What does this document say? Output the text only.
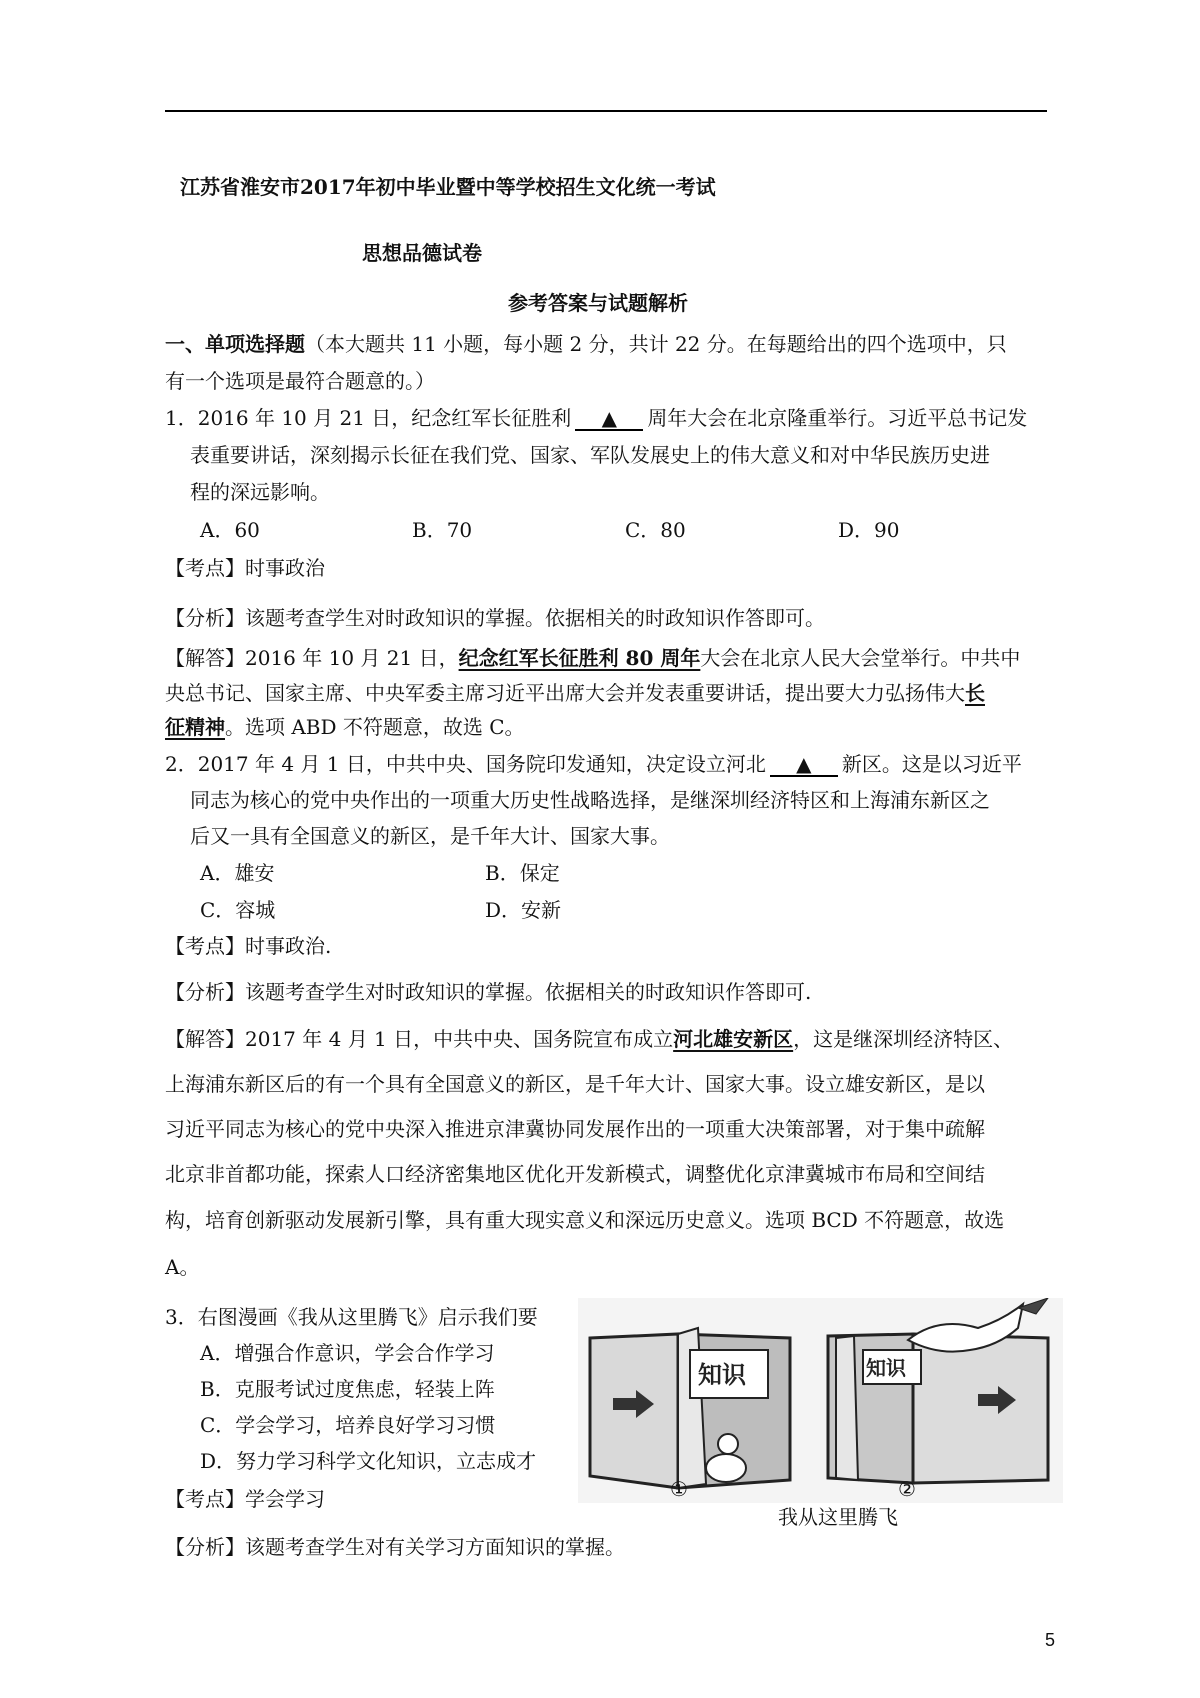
江苏省淮安市2017年初中毕业暨中等学校招生文化统一考试
思想品德试卷
参考答案与试题解析
一、单项选择题（本大题共 11 小题，每小题 2 分，共计 22 分。在每题给出的四个选项中，只
有一个选项是最符合题意的。）
1．2016 年 10 月 21 日，纪念红军长征胜利 ▲ 周年大会在北京隆重举行。习近平总书记发
表重要讲话，深刻揭示长征在我们党、国家、军队发展史上的伟大意义和对中华民族历史进
程的深远影响。
A．60	B．70	C．80	D．90
【考点】时事政治
【分析】该题考查学生对时政知识的掌握。依据相关的时政知识作答即可。
【解答】2016 年 10 月 21 日，纪念红军长征胜利 80 周年大会在北京人民大会堂举行。中共中
央总书记、国家主席、中央军委主席习近平出席大会并发表重要讲话，提出要大力弘扬伟大长
征精神。选项 ABD 不符题意，故选 C。
2．2017 年 4 月 1 日，中共中央、国务院印发通知，决定设立河北 ▲ 新区。这是以习近平
同志为核心的党中央作出的一项重大历史性战略选择，是继深圳经济特区和上海浦东新区之
后又一具有全国意义的新区，是千年大计、国家大事。
A．雄安	B．保定
C．容城	D．安新
【考点】时事政治.
【分析】该题考查学生对时政知识的掌握。依据相关的时政知识作答即可.
【解答】2017 年 4 月 1 日，中共中央、国务院宣布成立河北雄安新区，这是继深圳经济特区、
上海浦东新区后的有一个具有全国意义的新区，是千年大计、国家大事。设立雄安新区，是以
习近平同志为核心的党中央深入推进京津冀协同发展作出的一项重大决策部署，对于集中疏解
北京非首都功能，探索人口经济密集地区优化开发新模式，调整优化京津冀城市布局和空间结
构，培育创新驱动发展新引擎，具有重大现实意义和深远历史意义。选项 BCD 不符题意，故选
A。
3．右图漫画《我从这里腾飞》启示我们要
A．增强合作意识，学会合作学习
B．克服考试过度焦虑，轻装上阵
C．学会学习，培养良好学习习惯
D．努力学习科学文化知识，立志成才
【考点】学会学习
【分析】该题考查学生对有关学习方面知识的掌握。
知识
①
知识
②
我从这里腾飞
5
